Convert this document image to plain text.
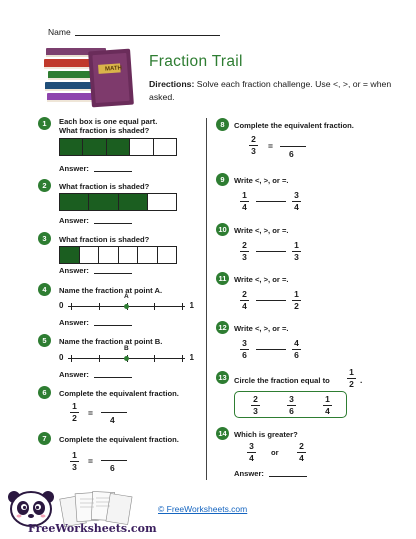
Name
MATH Fraction Trail
Directions: Solve each fraction challenge. Use <, >, or = when asked.
1	Each box is one equal part.
What fraction is shaded?
Answer:
2	What fraction is shaded?
Answer:
3	What fraction is shaded?
Answer:
4	Name the fraction at point A.
0	1
A
Answer:
5	Name the fraction at point B.
0	1
B
Answer:
6	Complete the equivalent fraction.
1
2 =
4
7	Complete the equivalent fraction.
1
3
=
6
8	Complete the equivalent fraction.
2
3 =
6
9	Write <, >, or =.
1
4
3
4
10 Write <, >, or =.
2
3
1
3
11 Write <, >, or =.
2
4
1
2
12 Write <, >, or =.
3
6
4
6
13 Circle the fraction equal to
1
2 .
2
3
3
6
1
4
14 Which is greater?
3
4
or
2
4
Answer:
FreeWorksheets.com
© FreeWorksheets.com
